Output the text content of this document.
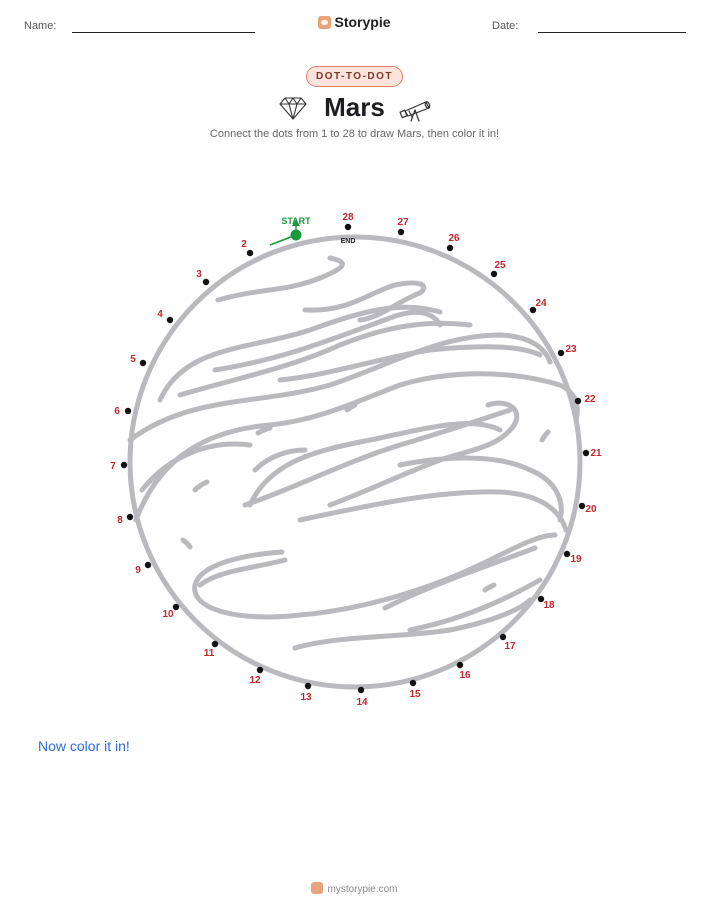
Name:	Storypie	Date:
DOT-TO-DOT
Mars
Connect the dots from 1 to 28 to draw Mars, then color it in!
START
END
2
3
4
5
6
7
8
9
10
11
12
13	14
15
16
17
18
19
20
21
22
23
24
25
26
27
28
Now color it in!
mystorypie.com
